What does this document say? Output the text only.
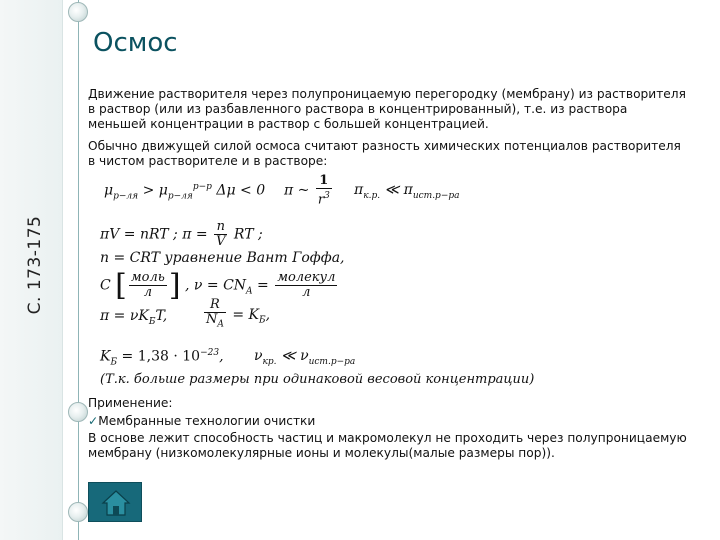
С. 173-175
Осмос
Движение растворителя через полупроницаемую перегородку (мембрану) из растворителя в раствор (или из разбавленного раствора в концентрированный), т.е. из раствора меньшей концентрации в раствор с большей концентрацией.
Обычно движущей силой осмоса считают разность химических потенциалов растворителя в чистом растворителе и в растворе:
$\mu_{р-ля} > \mu_{р-ля}^{р-р}$ Δμ < 0 π ~ $\frac{1}{r^3} \pi_{к.р.}$ ≪ $\pi_{ист.р-ра}$
πV = nRT ; $\pi = \frac{n}{V}$ RT ;
n = CRT уравнение Вант Гоффа,
C [ $\frac{\text{моль}}{л}$ ] , $\nu = CN_A = \frac{\text{молекул}}{л}$
$\pi = \nu K_БT$,	$\frac{R}{N_A} = K_Б$,
$K_Б = 1,38 \cdot 10^{-23}$, $\nu_{кр.}$ ≪ $\nu_{ист.р-ра}$
(Т.к. больше размеры при одинаковой весовой концентрации)
Применение:
✓Мембранные технологии очистки
В основе лежит способность частиц и макромолекул не проходить через полупроницаемую мембрану (низкомолекулярные ионы и молекулы(малые размеры пор)).
